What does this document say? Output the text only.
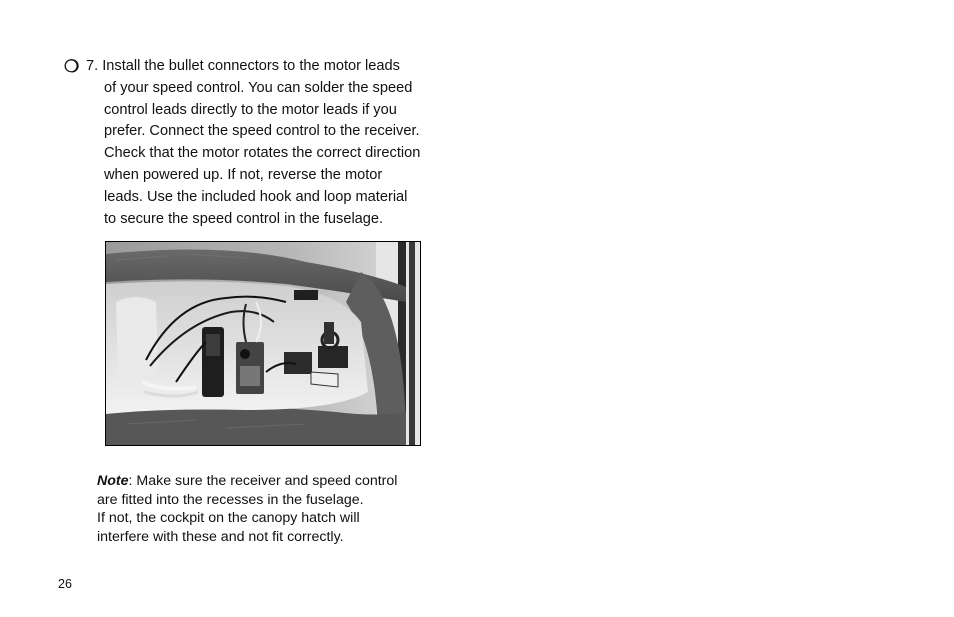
❍ 7. Install the bullet connectors to the motor leads
of your speed control. You can solder the speed
control leads directly to the motor leads if you
prefer. Connect the speed control to the receiver.
Check that the motor rotates the correct direction
when powered up. If not, reverse the motor
leads. Use the included hook and loop material
to secure the speed control in the fuselage.
Note: Make sure the receiver and speed control
are fitted into the recesses in the fuselage.
If not, the cockpit on the canopy hatch will
interfere with these and not fit correctly.
26
